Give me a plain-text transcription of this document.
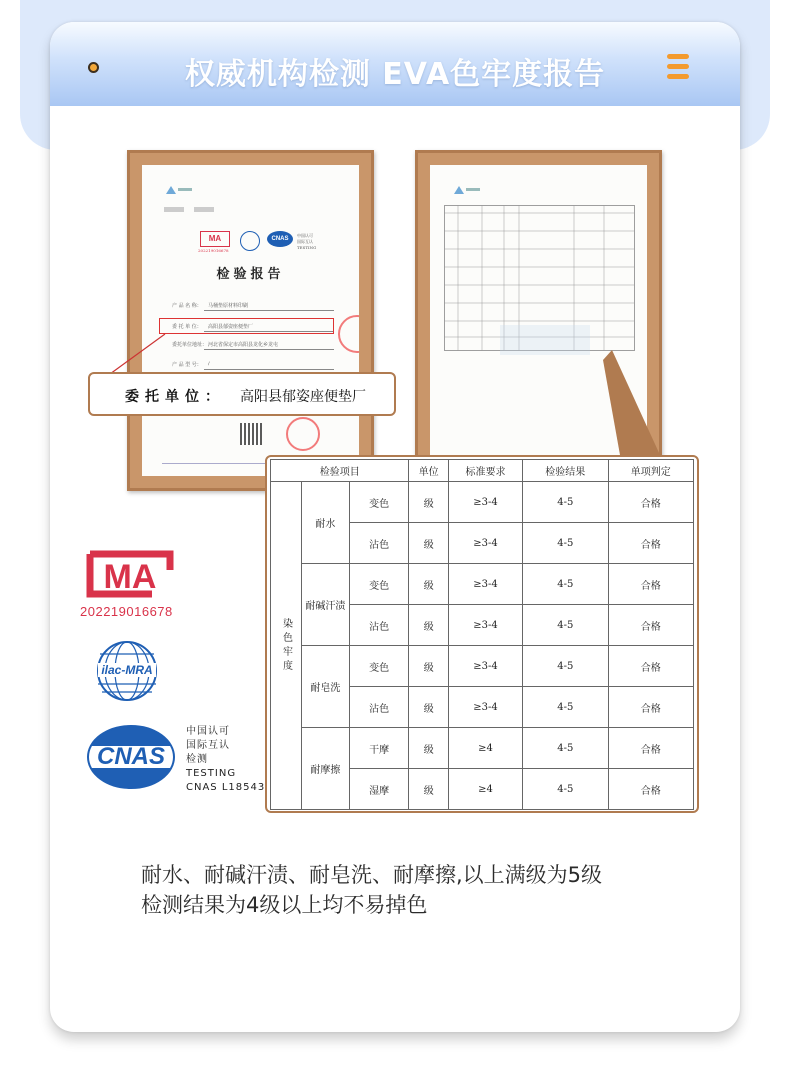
权威机构检测 EVA色牢度报告
MA
202219016678
CNAS
中国认可
国际互认
TESTING
检验报告
产 品 名 称： 马桶垫原材料印刷
委 托 单 位： 高阳县郁姿座便垫厂
委托单位地址： 河北省保定市高阳县龙化乡龙屯
产 品 型 号： /
委托单位： 高阳县郁姿座便垫厂
检验项目			单位	标准要求	检验结果	单项判定
染色牢度	耐水	变色	级	≥3-4	4-5	合格
		沾色	级	≥3-4	4-5	合格
	耐碱汗渍	变色	级	≥3-4	4-5	合格
		沾色	级	≥3-4	4-5	合格
	耐皂洗	变色	级	≥3-4	4-5	合格
		沾色	级	≥3-4	4-5	合格
	耐摩擦	干摩	级	≥4	4-5	合格
		湿摩	级	≥4	4-5	合格
MA
202219016678
ilac-MRA
CNAS
中国认可
国际互认
检测
TESTING
CNAS L18543
耐水、耐碱汗渍、耐皂洗、耐摩擦,以上满级为5级
检测结果为4级以上均不易掉色
